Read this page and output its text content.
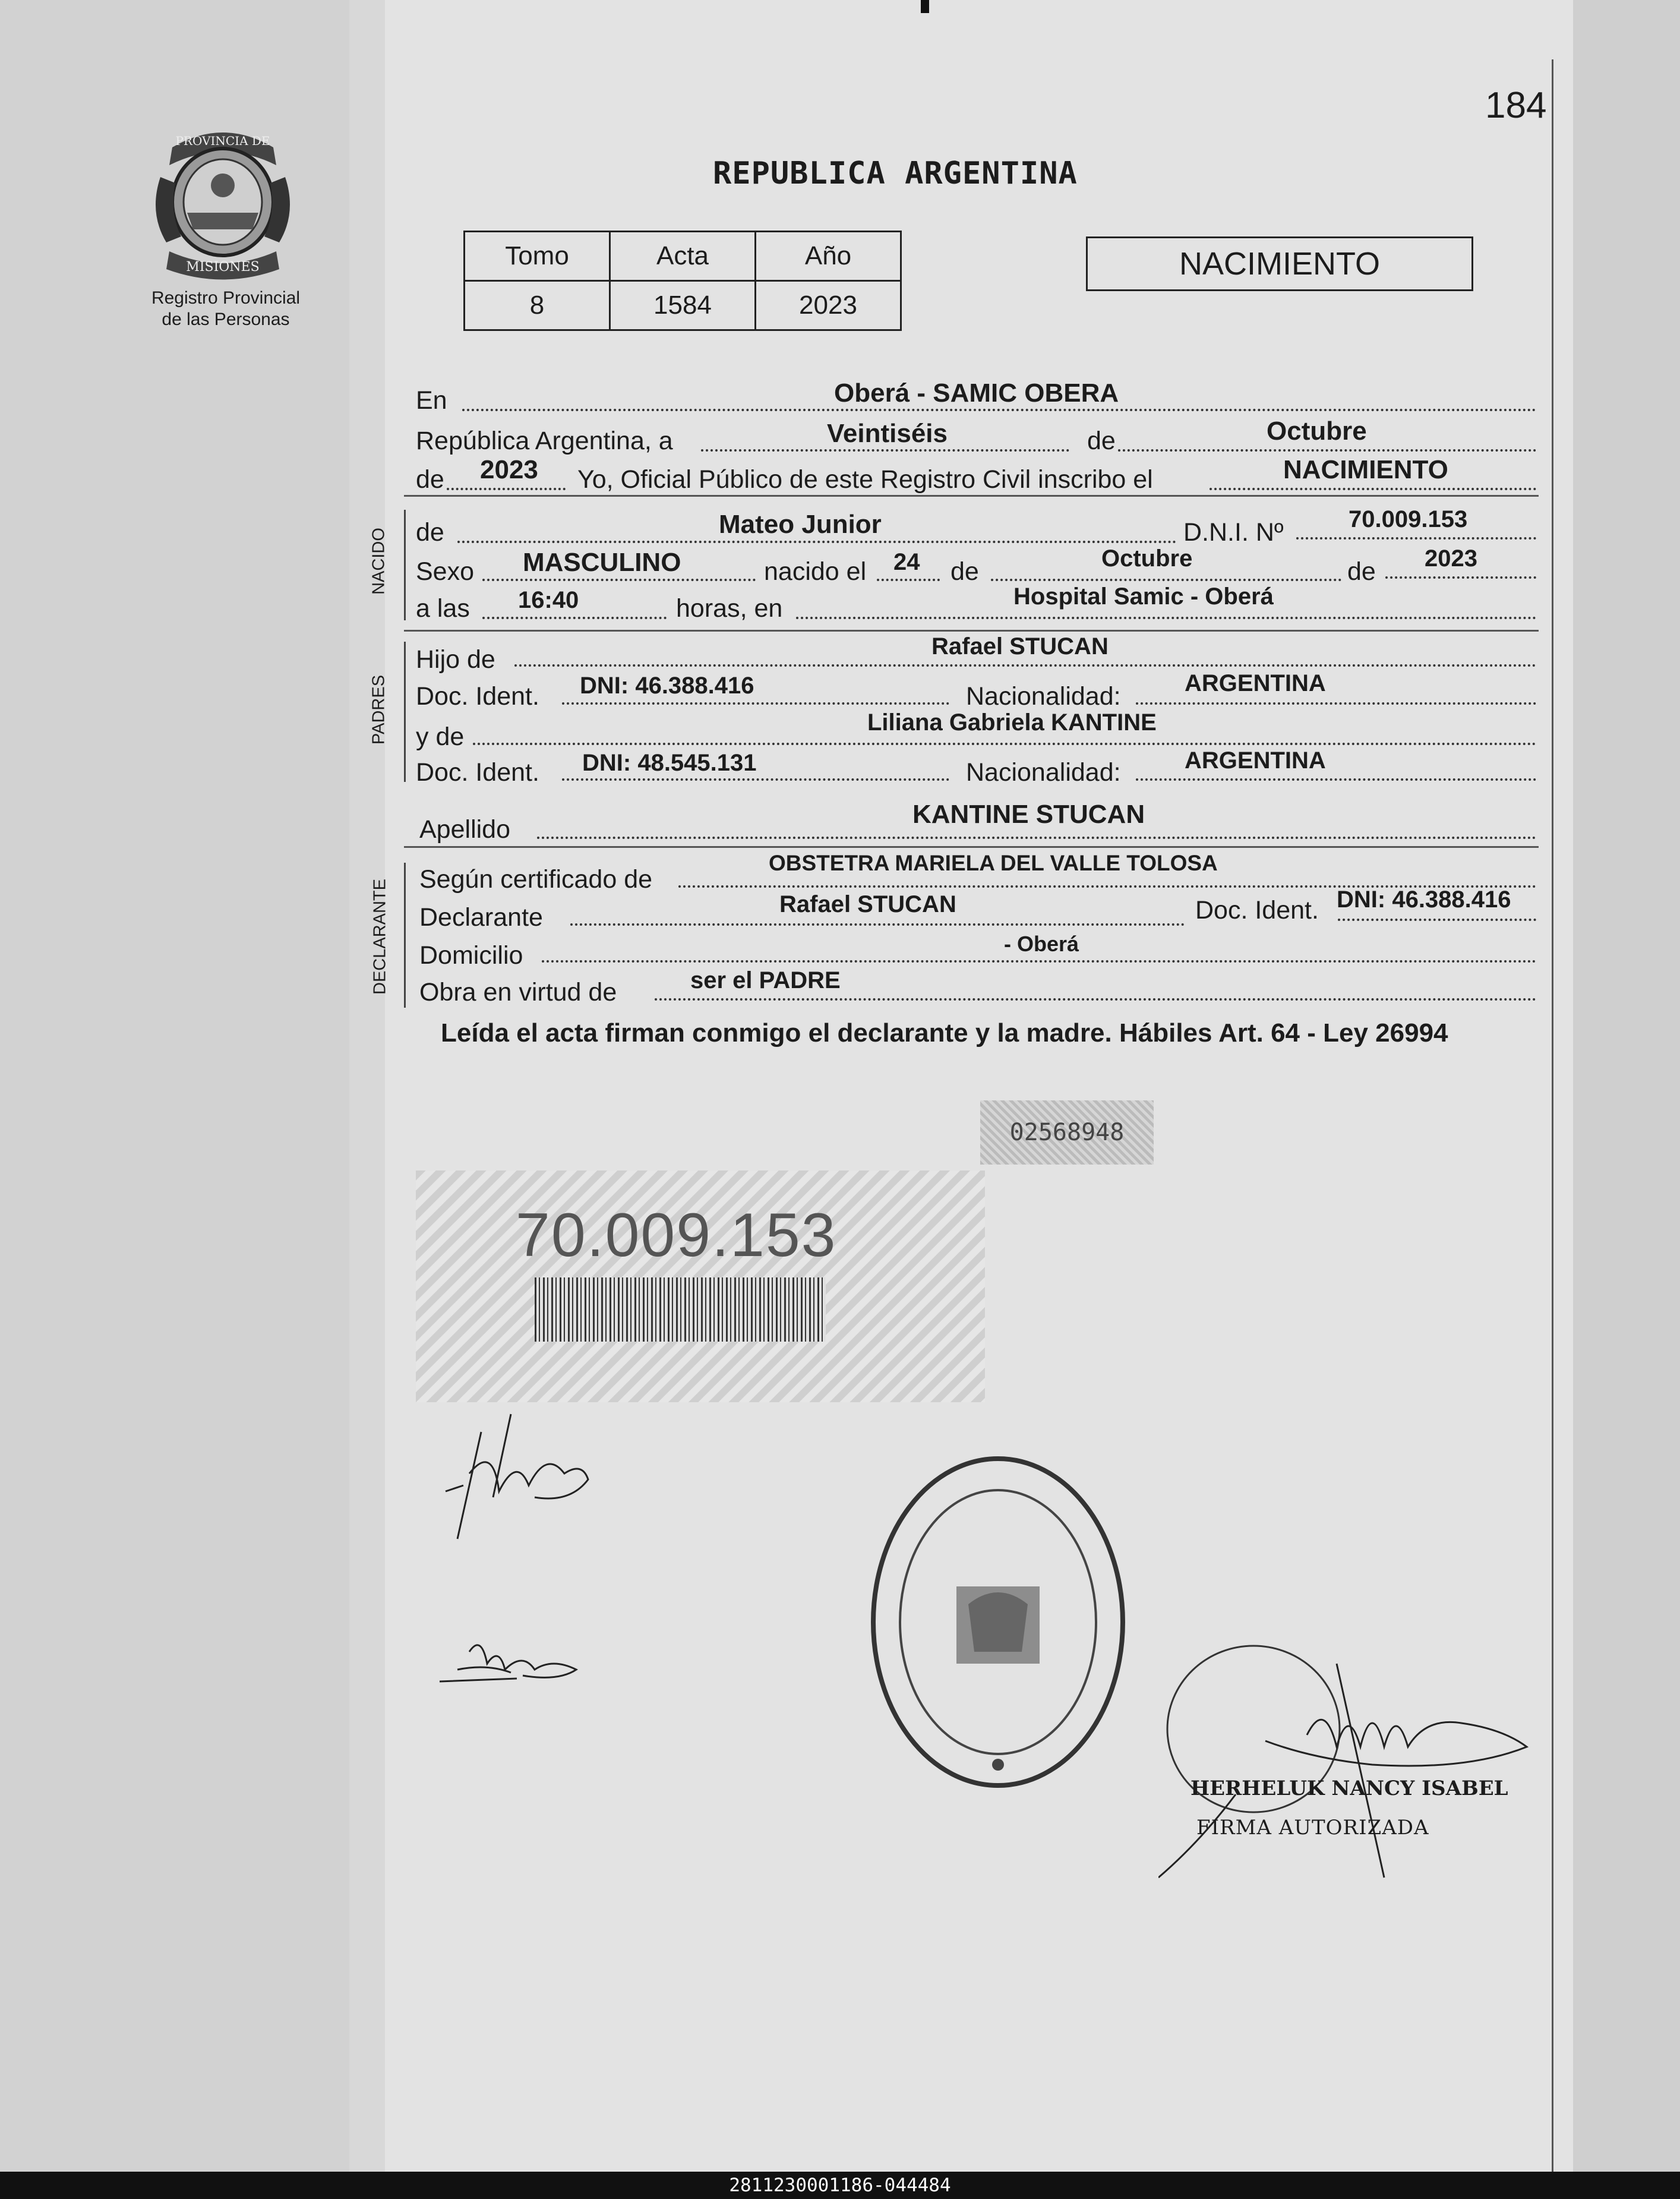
184
PROVINCIA DE
MISIONES
Registro Provincial
de las Personas
REPUBLICA ARGENTINA
Tomo	Acta	Año
8	1584	2023
NACIMIENTO
En	Oberá - SAMIC OBERA
República Argentina, a	Veintiséis	de	Octubre
de 2023 Yo, Oficial Público de este Registro Civil inscribo el	NACIMIENTO
NACIDO de	Mateo Junior	D.N.I. Nº	70.009.153
Sexo MASCULINO	nacido el 24 de	Octubre	de 2023
a las 16:40	horas, en	Hospital Samic - Oberá
PADRES
Hijo de	Rafael STUCAN
Doc. Ident. DNI: 46.388.416	Nacionalidad:	ARGENTINA
y de	Liliana Gabriela KANTINE
Doc. Ident. DNI: 48.545.131	Nacionalidad:	ARGENTINA
Apellido
KANTINE STUCAN
DECLARANTE Según certificado de
OBSTETRA MARIELA DEL VALLE TOLOSA
Declarante	Rafael STUCAN	Doc. Ident. DNI: 46.388.416
Domicilio	- Oberá
Obra en virtud de	ser el PADRE
Leída el acta firman conmigo el declarante y la madre. Hábiles Art. 64 - Ley 26994
02568948
70.009.153
HERHELUK NANCY ISABEL
FIRMA AUTORIZADA
2811230001186-044484
